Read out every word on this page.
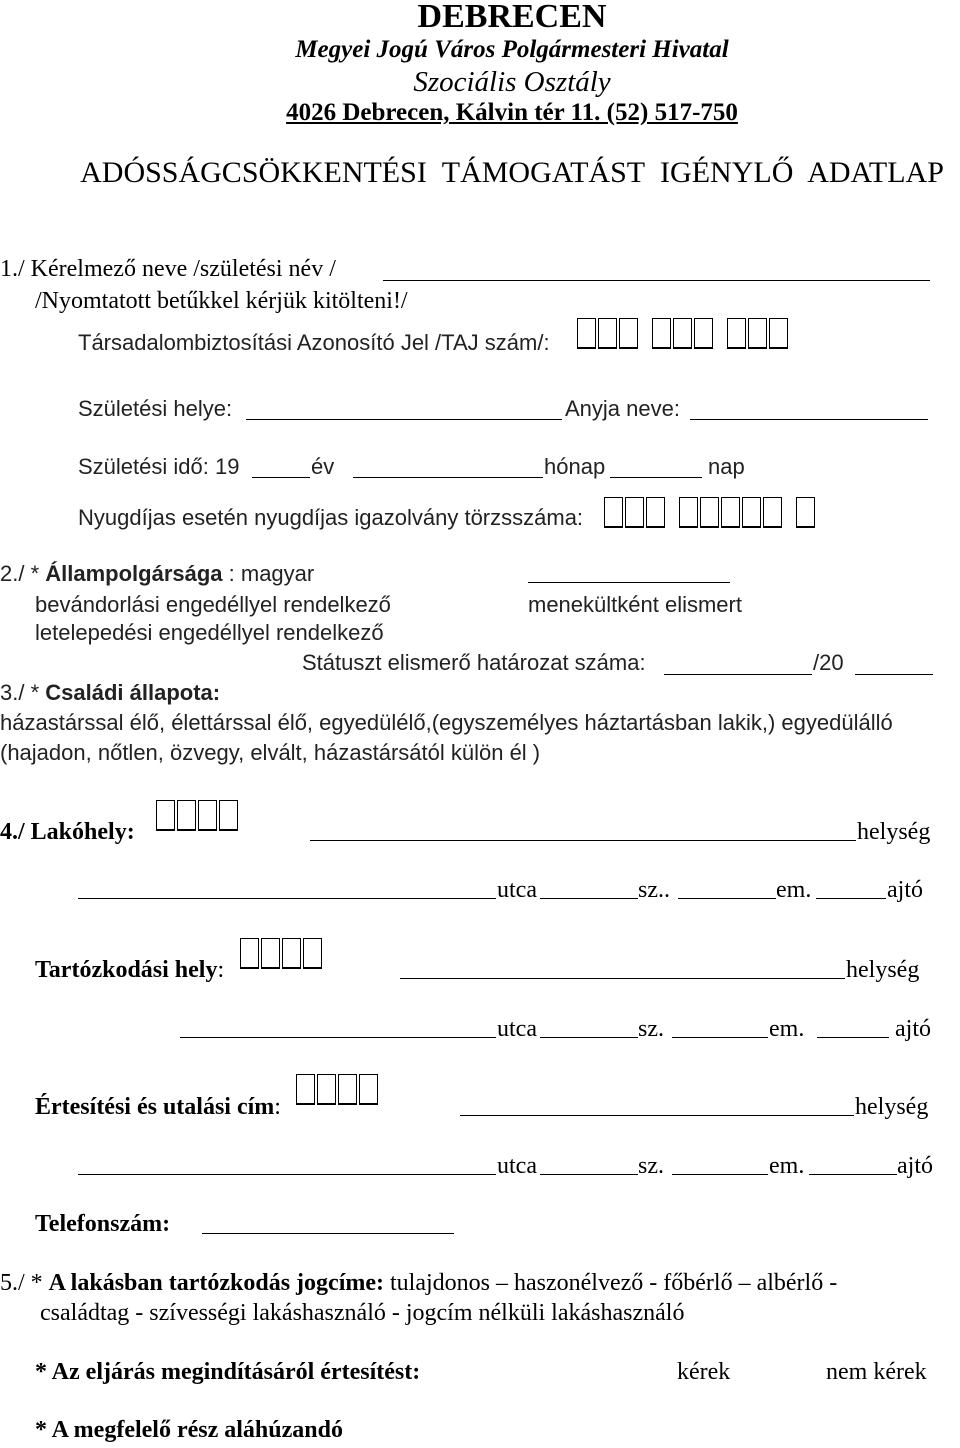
DEBRECEN
Megyei Jogú Város Polgármesteri Hivatal
Szociális Osztály
4026 Debrecen, Kálvin tér 11. (52) 517-750
ADÓSSÁGCSÖKKENTÉSI TÁMOGATÁST IGÉNYLŐ ADATLAP
1./ Kérelmező neve /születési név /
/Nyomtatott betűkkel kérjük kitölteni!/
Társadalombiztosítási Azonosító Jel /TAJ szám/:
Születési helye:	Anyja neve:
Születési idő: 19	év	hónap	nap
Nyugdíjas esetén nyugdíjas igazolvány törzsszáma:
2./ * Állampolgársága : magyar
bevándorlási engedéllyel rendelkező	menekültként elismert
letelepedési engedéllyel rendelkező
Státuszt elismerő határozat száma:	/20
3./ * Családi állapota:
házastárssal élő, élettárssal élő, egyedülélő,(egyszemélyes háztartásban lakik,) egyedülálló
(hajadon, nőtlen, özvegy, elvált, házastársától külön él )
4./ Lakóhely:	helység
utca	sz..	em.	ajtó
Tartózkodási hely:	helység
utca	sz.	em.	ajtó
Értesítési és utalási cím:	helység
utca	sz.	em.	ajtó
Telefonszám:
5./ * A lakásban tartózkodás jogcíme: tulajdonos – haszonélvező - főbérlő – albérlő -
családtag - szívességi lakáshasználó - jogcím nélküli lakáshasználó
* Az eljárás megindításáról értesítést:	kérek	nem kérek
* A megfelelő rész aláhúzandó
